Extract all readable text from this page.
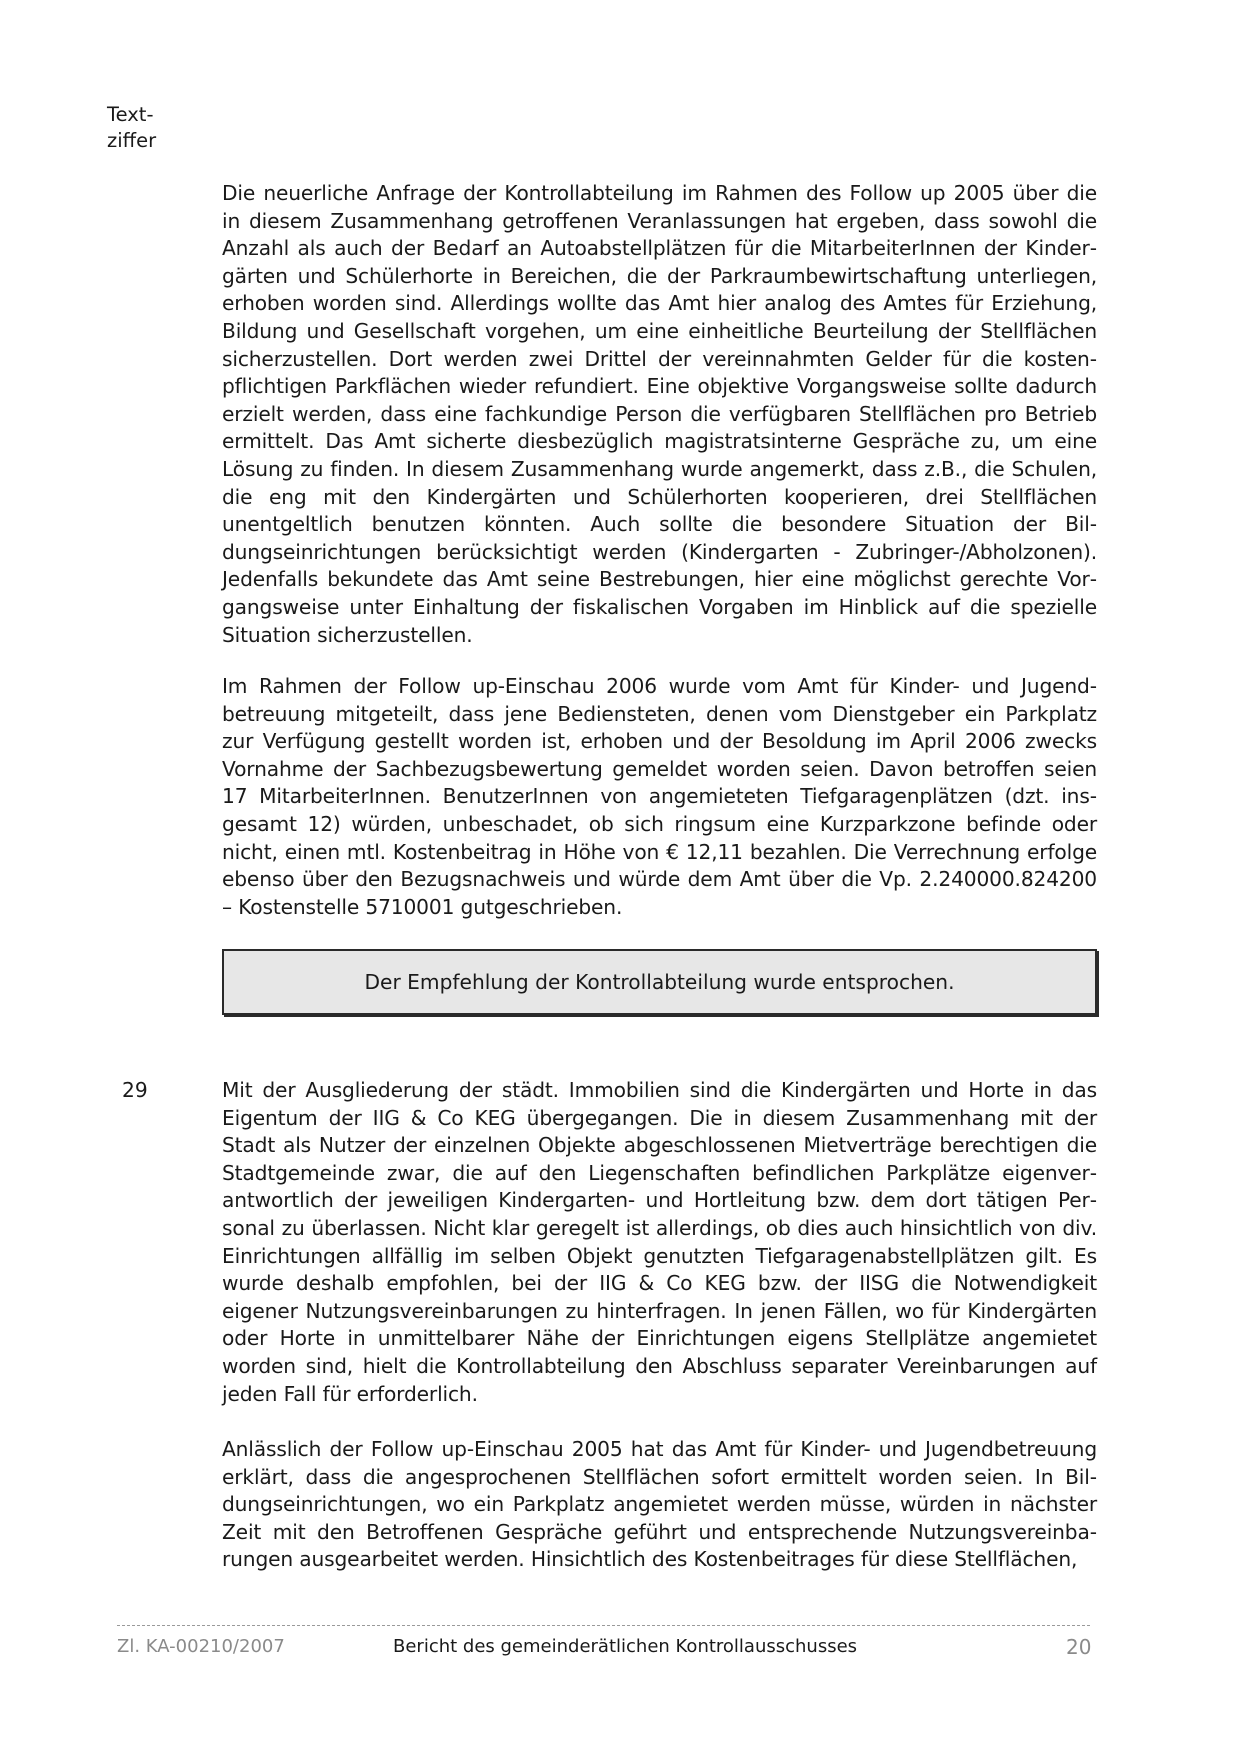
Text-
ziffer

Die neuerliche Anfrage der Kontrollabteilung im Rahmen des Follow up 2005 über die in diesem Zusammenhang getroffenen Veranlassungen hat ergeben, dass sowohl die Anzahl als auch der Bedarf an Autoabstellplätzen für die MitarbeiterInnen der Kindergärten und Schülerhorte in Bereichen, die der Parkraumbewirtschaftung unterliegen, erhoben worden sind. Allerdings wollte das Amt hier analog des Amtes für Erziehung, Bildung und Gesellschaft vorgehen, um eine einheitliche Beurteilung der Stellflächen sicherzustellen. Dort werden zwei Drittel der vereinnahmten Gelder für die kostenpflichtigen Parkflächen wieder refundiert. Eine objektive Vorgangsweise sollte dadurch erzielt werden, dass eine fachkundige Person die verfügbaren Stellflächen pro Betrieb ermittelt. Das Amt sicherte diesbezüglich magistratsinterne Gespräche zu, um eine Lösung zu finden. In diesem Zusammenhang wurde angemerkt, dass z.B., die Schulen, die eng mit den Kindergärten und Schülerhorten kooperieren, drei Stellflächen unentgeltlich benutzen könnten. Auch sollte die besondere Situation der Bildungseinrichtungen berücksichtigt werden (Kindergarten - Zubringer-/Abholzonen). Jedenfalls bekundete das Amt seine Bestrebungen, hier eine möglichst gerechte Vorgangsweise unter Einhaltung der fiskalischen Vorgaben im Hinblick auf die spezielle Situation sicherzustellen.

Im Rahmen der Follow up-Einschau 2006 wurde vom Amt für Kinder- und Jugendbetreuung mitgeteilt, dass jene Bediensteten, denen vom Dienstgeber ein Parkplatz zur Verfügung gestellt worden ist, erhoben und der Besoldung im April 2006 zwecks Vornahme der Sachbezugsbewertung gemeldet worden seien. Davon betroffen seien 17 MitarbeiterInnen. BenutzerInnen von angemieteten Tiefgaragenplätzen (dzt. insgesamt 12) würden, unbeschadet, ob sich ringsum eine Kurzparkzone befinde oder nicht, einen mtl. Kostenbeitrag in Höhe von € 12,11 bezahlen. Die Verrechnung erfolge ebenso über den Bezugsnachweis und würde dem Amt über die Vp. 2.240000.824200 – Kostenstelle 5710001 gutgeschrieben.

Der Empfehlung der Kontrollabteilung wurde entsprochen.
29	Mit der Ausgliederung der städt. Immobilien sind die Kindergärten und Horte in das Eigentum der IIG & Co KEG übergegangen. Die in diesem Zusammenhang mit der Stadt als Nutzer der einzelnen Objekte abgeschlossenen Mietverträge berechtigen die Stadtgemeinde zwar, die auf den Liegenschaften befindlichen Parkplätze eigenverantwortlich der jeweiligen Kindergarten- und Hortleitung bzw. dem dort tätigen Personal zu überlassen. Nicht klar geregelt ist allerdings, ob dies auch hinsichtlich von div. Einrichtungen allfällig im selben Objekt genutzten Tiefgaragenabstellplätzen gilt. Es wurde deshalb empfohlen, bei der IIG & Co KEG bzw. der IISG die Notwendigkeit eigener Nutzungsvereinbarungen zu hinterfragen. In jenen Fällen, wo für Kindergärten oder Horte in unmittelbarer Nähe der Einrichtungen eigens Stellplätze angemietet worden sind, hielt die Kontrollabteilung den Abschluss separater Vereinbarungen auf jeden Fall für erforderlich.

Anlässlich der Follow up-Einschau 2005 hat das Amt für Kinder- und Jugendbetreuung erklärt, dass die angesprochenen Stellflächen sofort ermittelt worden seien. In Bildungseinrichtungen, wo ein Parkplatz angemietet werden müsse, würden in nächster Zeit mit den Betroffenen Gespräche geführt und entsprechende Nutzungsvereinbarungen ausgearbeitet werden. Hinsichtlich des Kostenbeitrages für diese Stellflächen,

Zl. KA-00210/2007	Bericht des gemeinderätlichen Kontrollausschusses	20
